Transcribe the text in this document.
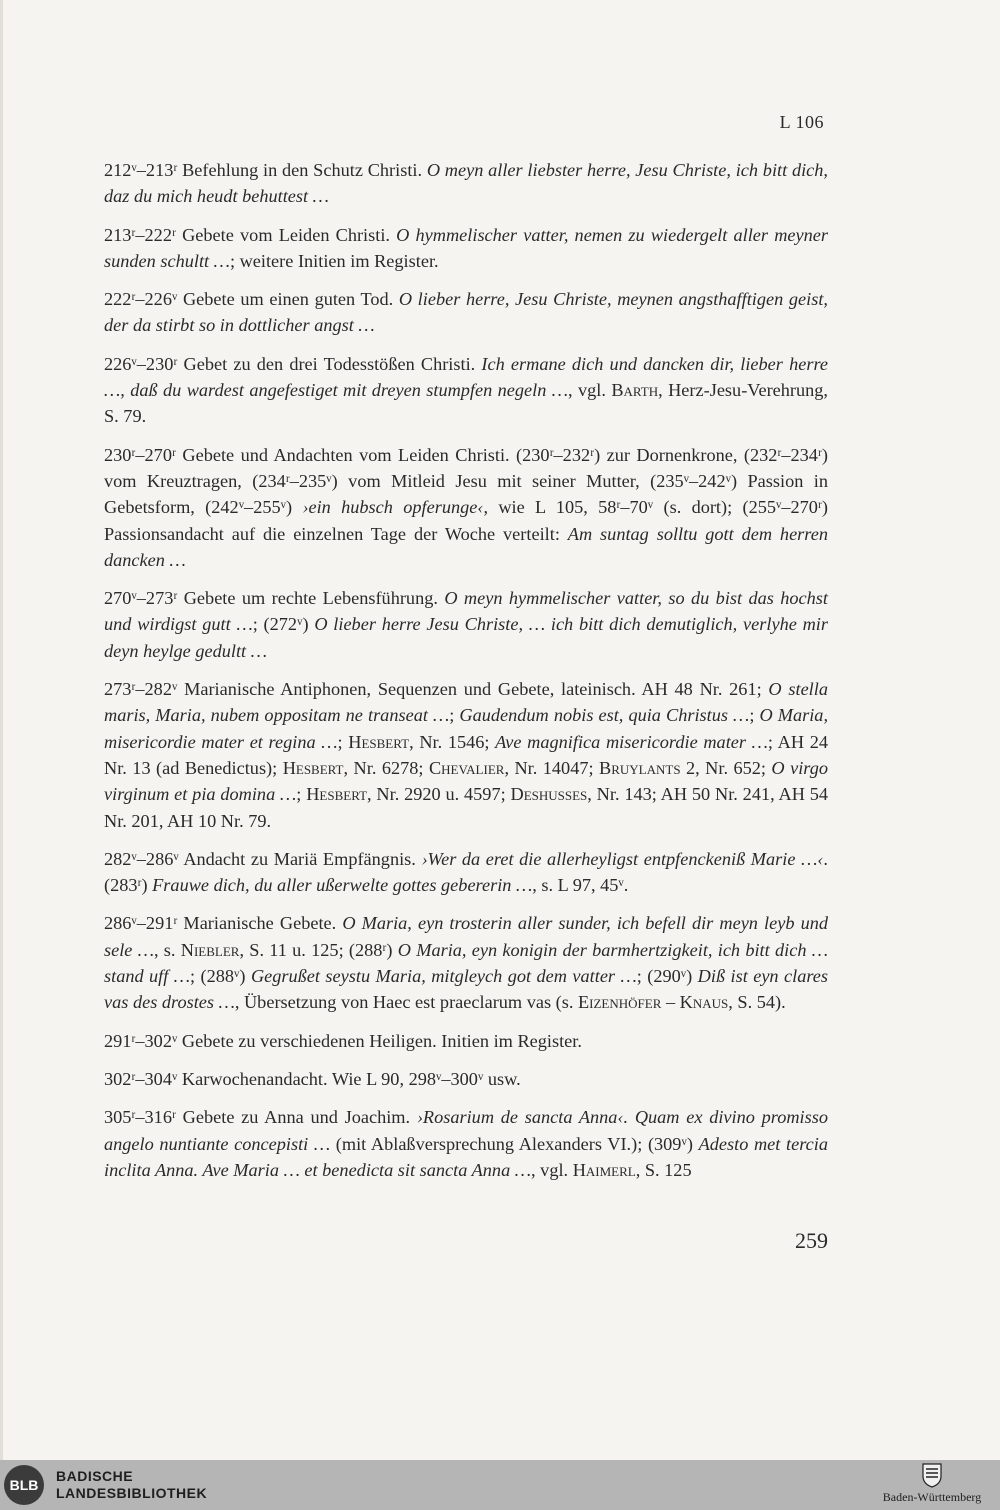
L 106

212ᵛ–213ʳ Befehlung in den Schutz Christi. O meyn aller liebster herre, Jesu Christe, ich bitt dich, daz du mich heudt behuttest …

213ʳ–222ʳ Gebete vom Leiden Christi. O hymmelischer vatter, nemen zu wiedergelt aller meyner sunden schultt …; weitere Initien im Register.

222ʳ–226ᵛ Gebete um einen guten Tod. O lieber herre, Jesu Christe, meynen angsthafftigen geist, der da stirbt so in dottlicher angst …

226ᵛ–230ʳ Gebet zu den drei Todesstößen Christi. Ich ermane dich und dancken dir, lieber herre …, daß du wardest angefestiget mit dreyen stumpfen negeln …, vgl. Barth, Herz-Jesu-Verehrung, S. 79.

230ʳ–270ʳ Gebete und Andachten vom Leiden Christi. (230ʳ–232ʳ) zur Dornenkrone, (232ʳ–234ʳ) vom Kreuztragen, (234ʳ–235ᵛ) vom Mitleid Jesu mit seiner Mutter, (235ᵛ–242ᵛ) Passion in Gebetsform, (242ᵛ–255ᵛ) ›ein hubsch opferunge‹, wie L 105, 58ʳ–70ᵛ (s. dort); (255ᵛ–270ʳ) Passionsandacht auf die einzelnen Tage der Woche verteilt: Am suntag solltu gott dem herren dancken …

270ᵛ–273ʳ Gebete um rechte Lebensführung. O meyn hymmelischer vatter, so du bist das hochst und wirdigst gutt …; (272ᵛ) O lieber herre Jesu Christe, … ich bitt dich demutiglich, verlyhe mir deyn heylge gedultt …

273ʳ–282ᵛ Marianische Antiphonen, Sequenzen und Gebete, lateinisch. AH 48 Nr. 261; O stella maris, Maria, nubem oppositam ne transeat …; Gaudendum nobis est, quia Christus …; O Maria, misericordie mater et regina …; Hesbert, Nr. 1546; Ave magnifica misericordie mater …; AH 24 Nr. 13 (ad Benedictus); Hesbert, Nr. 6278; Chevalier, Nr. 14047; Bruylants 2, Nr. 652; O virgo virginum et pia domina …; Hesbert, Nr. 2920 u. 4597; Deshusses, Nr. 143; AH 50 Nr. 241, AH 54 Nr. 201, AH 10 Nr. 79.

282ᵛ–286ᵛ Andacht zu Mariä Empfängnis. ›Wer da eret die allerheyligst entpfenckeniß Marie …‹. (283ʳ) Frauwe dich, du aller ußerwelte gottes gebererin …, s. L 97, 45ᵛ.

286ᵛ–291ʳ Marianische Gebete. O Maria, eyn trosterin aller sunder, ich befell dir meyn leyb und sele …, s. Niebler, S. 11 u. 125; (288ʳ) O Maria, eyn konigin der barmhertzigkeit, ich bitt dich … stand uff …; (288ᵛ) Gegrußet seystu Maria, mitgleych got dem vatter …; (290ᵛ) Diß ist eyn clares vas des drostes …, Übersetzung von Haec est praeclarum vas (s. Eizenhöfer – Knaus, S. 54).

291ʳ–302ᵛ Gebete zu verschiedenen Heiligen. Initien im Register.

302ʳ–304ᵛ Karwochenandacht. Wie L 90, 298ᵛ–300ᵛ usw.

305ʳ–316ʳ Gebete zu Anna und Joachim. ›Rosarium de sancta Anna‹. Quam ex divino promisso angelo nuntiante concepisti … (mit Ablaßversprechung Alexanders VI.); (309ᵛ) Adesto met tercia inclita Anna. Ave Maria … et benedicta sit sancta Anna …, vgl. Haimerl, S. 125

259
BLB
BADISCHE
LANDESBIBLIOTHEK	Baden-Württemberg
